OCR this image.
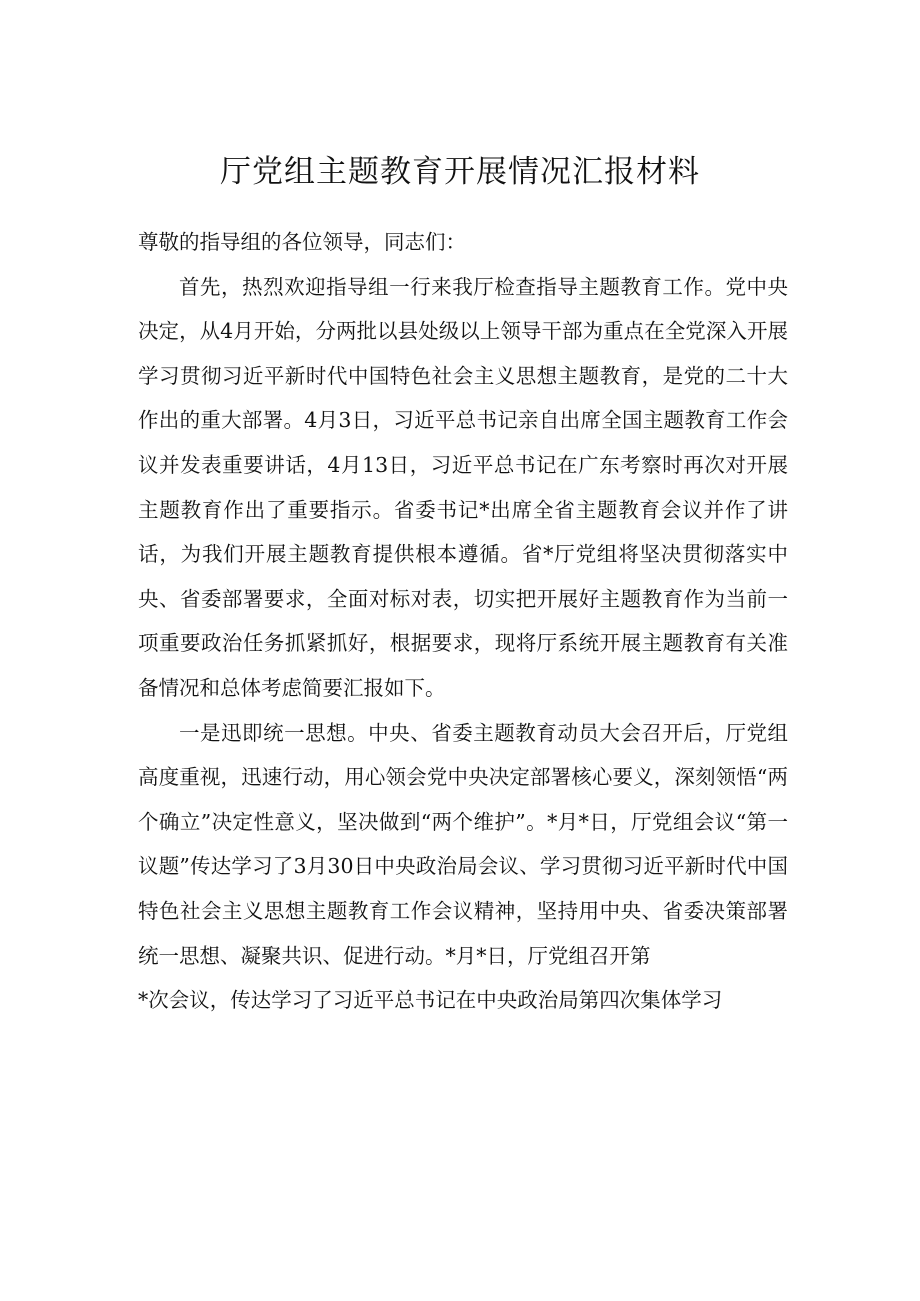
厅党组主题教育开展情况汇报材料

尊敬的指导组的各位领导，同志们：

首先，热烈欢迎指导组一行来我厅检查指导主题教育工作。党中央决定，从4月开始，分两批以县处级以上领导干部为重点在全党深入开展学习贯彻习近平新时代中国特色社会主义思想主题教育，是党的二十大作出的重大部署。4月3日，习近平总书记亲自出席全国主题教育工作会议并发表重要讲话，4月13日，习近平总书记在广东考察时再次对开展主题教育作出了重要指示。省委书记*出席全省主题教育会议并作了讲话，为我们开展主题教育提供根本遵循。省*厅党组将坚决贯彻落实中央、省委部署要求，全面对标对表，切实把开展好主题教育作为当前一项重要政治任务抓紧抓好，根据要求，现将厅系统开展主题教育有关准备情况和总体考虑简要汇报如下。

一是迅即统一思想。中央、省委主题教育动员大会召开后，厅党组高度重视，迅速行动，用心领会党中央决定部署核心要义，深刻领悟“两个确立”决定性意义，坚决做到“两个维护”。*月*日，厅党组会议“第一议题”传达学习了3月30日中央政治局会议、学习贯彻习近平新时代中国特色社会主义思想主题教育工作会议精神，坚持用中央、省委决策部署统一思想、凝聚共识、促进行动。*月*日，厅党组召开第

*次会议，传达学习了习近平总书记在中央政治局第四次集体学习
